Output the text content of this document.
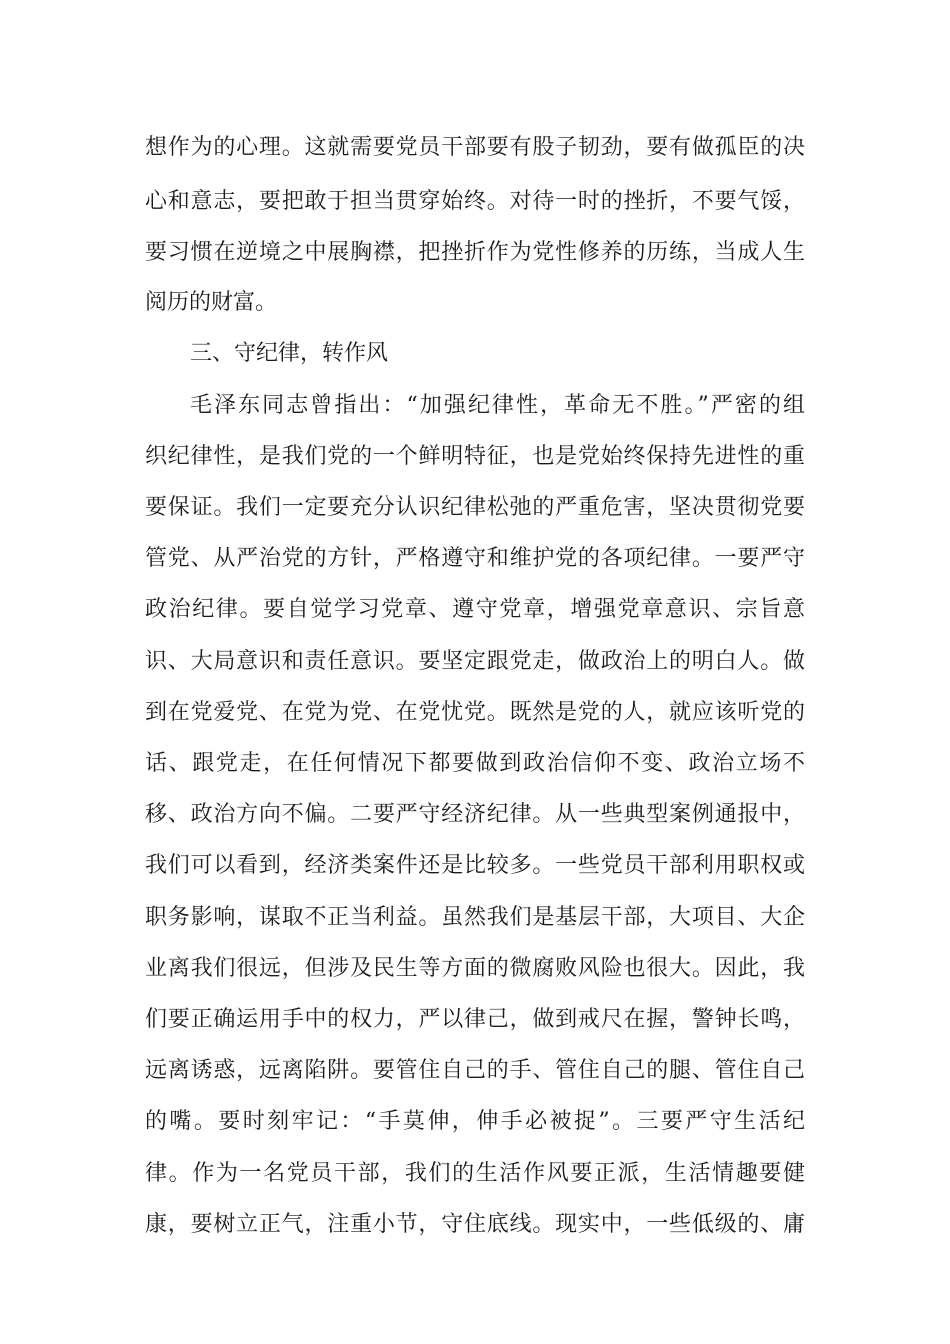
想作为的心理。这就需要党员干部要有股子韧劲，要有做孤臣的决
心和意志，要把敢于担当贯穿始终。对待一时的挫折，不要气馁，
要习惯在逆境之中展胸襟，把挫折作为党性修养的历练，当成人生
阅历的财富。
三、守纪律，转作风
毛泽东同志曾指出：“加强纪律性，革命无不胜。”严密的组
织纪律性，是我们党的一个鲜明特征，也是党始终保持先进性的重
要保证。我们一定要充分认识纪律松弛的严重危害，坚决贯彻党要
管党、从严治党的方针，严格遵守和维护党的各项纪律。一要严守
政治纪律。要自觉学习党章、遵守党章，增强党章意识、宗旨意
识、大局意识和责任意识。要坚定跟党走，做政治上的明白人。做
到在党爱党、在党为党、在党忧党。既然是党的人，就应该听党的
话、跟党走，在任何情况下都要做到政治信仰不变、政治立场不
移、政治方向不偏。二要严守经济纪律。从一些典型案例通报中，
我们可以看到，经济类案件还是比较多。一些党员干部利用职权或
职务影响，谋取不正当利益。虽然我们是基层干部，大项目、大企
业离我们很远，但涉及民生等方面的微腐败风险也很大。因此，我
们要正确运用手中的权力，严以律己，做到戒尺在握，警钟长鸣，
远离诱惑，远离陷阱。要管住自己的手、管住自己的腿、管住自己
的嘴。要时刻牢记：“手莫伸，伸手必被捉”。三要严守生活纪
律。作为一名党员干部，我们的生活作风要正派，生活情趣要健
康，要树立正气，注重小节，守住底线。现实中，一些低级的、庸
